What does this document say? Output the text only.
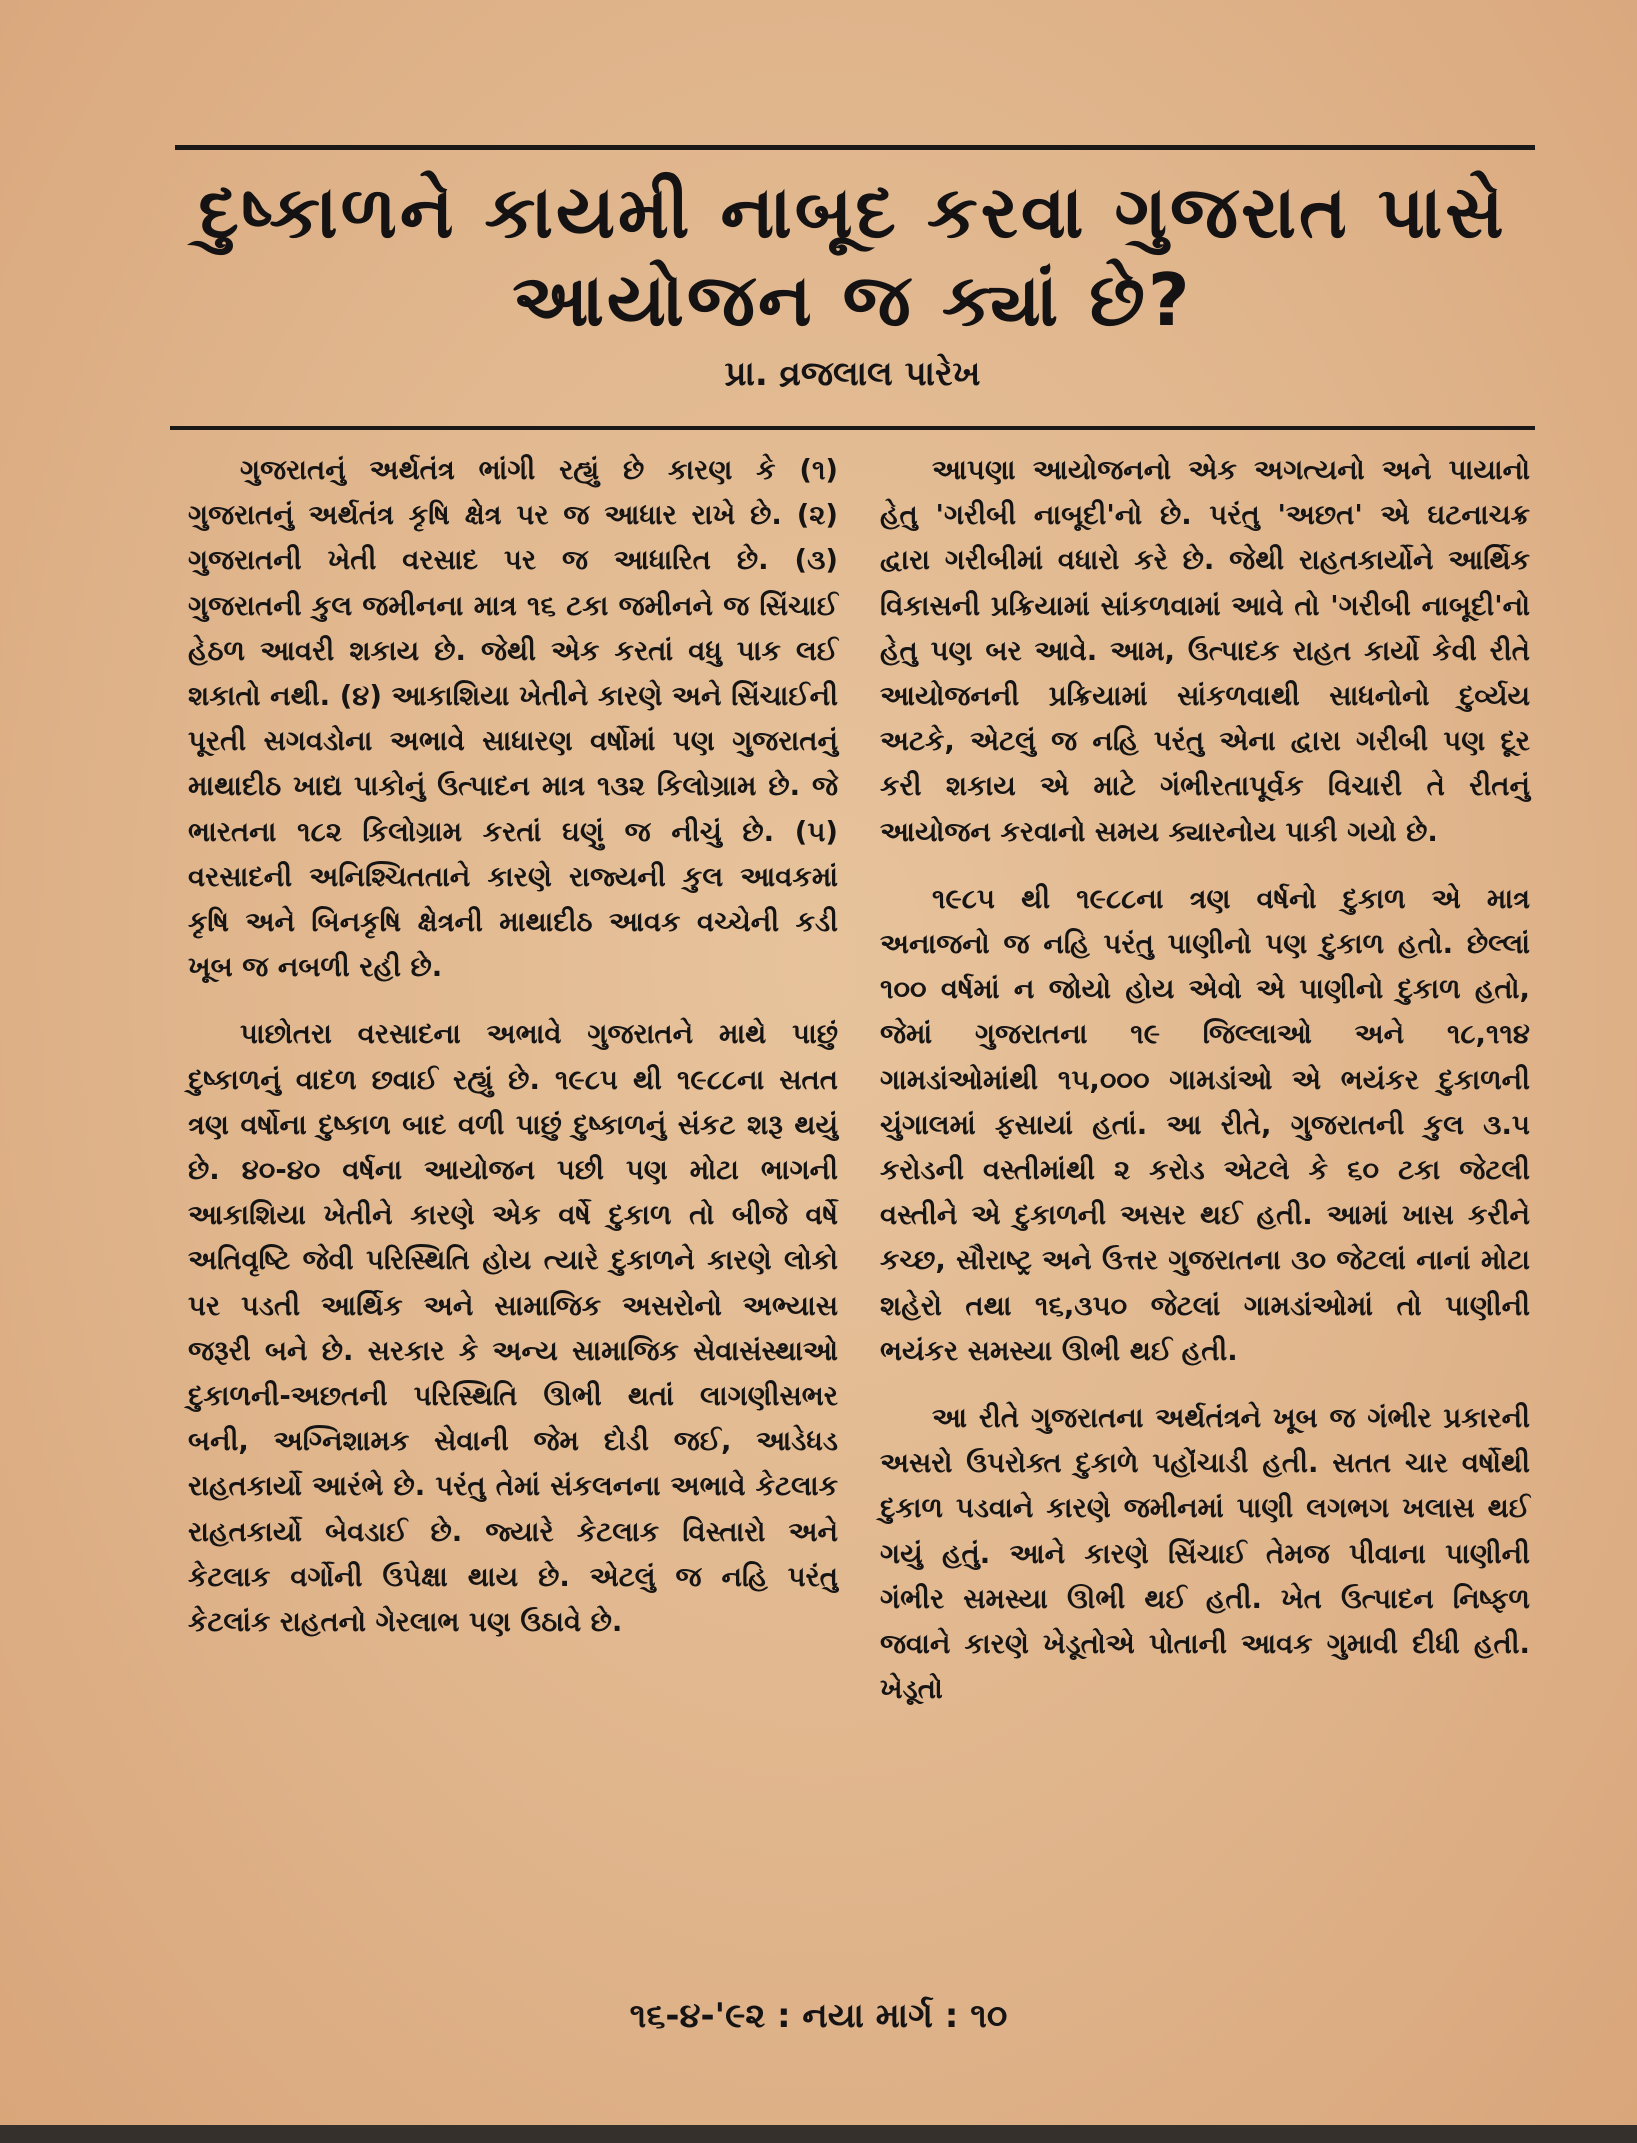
દુષ્કાળને કાયમી નાબૂદ કરવા ગુજરાત પાસે
આયોજન જ ક્યાં છે?

પ્રા. વ્રજલાલ પારેખ

ગુજરાતનું અર્થતંત્ર ભાંગી રહ્યું છે કારણ કે (૧) ગુજરાતનું અર્થતંત્ર કૃષિ ક્ષેત્ર પર જ આધાર રાખે છે. (૨) ગુજરાતની ખેતી વરસાદ પર જ આધારિત છે. (૩) ગુજરાતની કુલ જમીનના માત્ર ૧૬ ટકા જમીનને જ સિંચાઈ હેઠળ આવરી શકાય છે. જેથી એક કરતાં વધુ પાક લઈ શકાતો નથી. (૪) આકાશિયા ખેતીને કારણે અને સિંચાઈની પૂરતી સગવડોના અભાવે સાધારણ વર્ષોમાં પણ ગુજરાતનું માથાદીઠ ખાદ્ય પાકોનું ઉત્પાદન માત્ર ૧૩૨ કિલોગ્રામ છે. જે ભારતના ૧૮૨ કિલોગ્રામ કરતાં ઘણું જ નીચું છે. (૫) વરસાદની અનિશ્ચિતતાને કારણે રાજ્યની કુલ આવકમાં કૃષિ અને બિનકૃષિ ક્ષેત્રની માથાદીઠ આવક વચ્ચેની કડી ખૂબ જ નબળી રહી છે.

પાછોતરા વરસાદના અભાવે ગુજરાતને માથે પાછું દુષ્કાળનું વાદળ છવાઈ રહ્યું છે. ૧૯૮૫ થી ૧૯૮૮ના સતત ત્રણ વર્ષોના દુષ્કાળ બાદ વળી પાછું દુષ્કાળનું સંકટ શરૂ થયું છે. ૪૦-૪૦ વર્ષના આયોજન પછી પણ મોટા ભાગની આકાશિયા ખેતીને કારણે એક વર્ષે દુકાળ તો બીજે વર્ષે અતિવૃષ્ટિ જેવી પરિસ્થિતિ હોય ત્યારે દુકાળને કારણે લોકો પર પડતી આર્થિક અને સામાજિક અસરોનો અભ્યાસ જરૂરી બને છે. સરકાર કે અન્ય સામાજિક સેવાસંસ્થાઓ દુકાળની-અછતની પરિસ્થિતિ ઊભી થતાં લાગણીસભર બની, અગ્નિશામક સેવાની જેમ દોડી જઈ, આડેધડ રાહતકાર્યો આરંભે છે. પરંતુ તેમાં સંકલનના અભાવે કેટલાક રાહતકાર્યો બેવડાઈ છે. જ્યારે કેટલાક વિસ્તારો અને કેટલાક વર્ગોની ઉપેક્ષા થાય છે. એટલું જ નહિ પરંતુ કેટલાંક રાહતનો ગેરલાભ પણ ઉઠાવે છે.

આપણા આયોજનનો એક અગત્યનો અને પાયાનો હેતુ 'ગરીબી નાબૂદી'નો છે. પરંતુ 'અછત' એ ઘટનાચક્ર દ્વારા ગરીબીમાં વધારો કરે છે. જેથી રાહતકાર્યોને આર્થિક વિકાસની પ્રક્રિયામાં સાંકળવામાં આવે તો 'ગરીબી નાબૂદી'નો હેતુ પણ બર આવે. આમ, ઉત્પાદક રાહત કાર્યો કેવી રીતે આયોજનની પ્રક્રિયામાં સાંકળવાથી સાધનોનો દુર્વ્યય અટકે, એટલું જ નહિ પરંતુ એના દ્વારા ગરીબી પણ દૂર કરી શકાય એ માટે ગંભીરતાપૂર્વક વિચારી તે રીતનું આયોજન કરવાનો સમય ક્યારનોય પાકી ગયો છે.

૧૯૮૫ થી ૧૯૮૮ના ત્રણ વર્ષનો દુકાળ એ માત્ર અનાજનો જ નહિ પરંતુ પાણીનો પણ દુકાળ હતો. છેલ્લાં ૧૦૦ વર્ષમાં ન જોયો હોય એવો એ પાણીનો દુકાળ હતો, જેમાં ગુજરાતના ૧૯ જિલ્લાઓ અને ૧૮,૧૧૪ ગામડાંઓમાંથી ૧૫,૦૦૦ ગામડાંઓ એ ભયંકર દુકાળની ચુંગાલમાં ફસાયાં હતાં. આ રીતે, ગુજરાતની કુલ ૩.૫ કરોડની વસ્તીમાંથી ૨ કરોડ એટલે કે ૬૦ ટકા જેટલી વસ્તીને એ દુકાળની અસર થઈ હતી. આમાં ખાસ કરીને કચ્છ, સૌરાષ્ટ્ર અને ઉત્તર ગુજરાતના ૩૦ જેટલાં નાનાં મોટા શહેરો તથા ૧૬,૩૫૦ જેટલાં ગામડાંઓમાં તો પાણીની ભયંકર સમસ્યા ઊભી થઈ હતી.

આ રીતે ગુજરાતના અર્થતંત્રને ખૂબ જ ગંભીર પ્રકારની અસરો ઉપરોક્ત દુકાળે પહોંચાડી હતી. સતત ચાર વર્ષોથી દુકાળ પડવાને કારણે જમીનમાં પાણી લગભગ ખલાસ થઈ ગયું હતું. આને કારણે સિંચાઈ તેમજ પીવાના પાણીની ગંભીર સમસ્યા ઊભી થઈ હતી. ખેત ઉત્પાદન નિષ્ફળ જવાને કારણે ખેડૂતોએ પોતાની આવક ગુમાવી દીધી હતી. ખેડૂતો

૧૬-૪-'૯૨ : નયા માર્ગ : ૧૦
